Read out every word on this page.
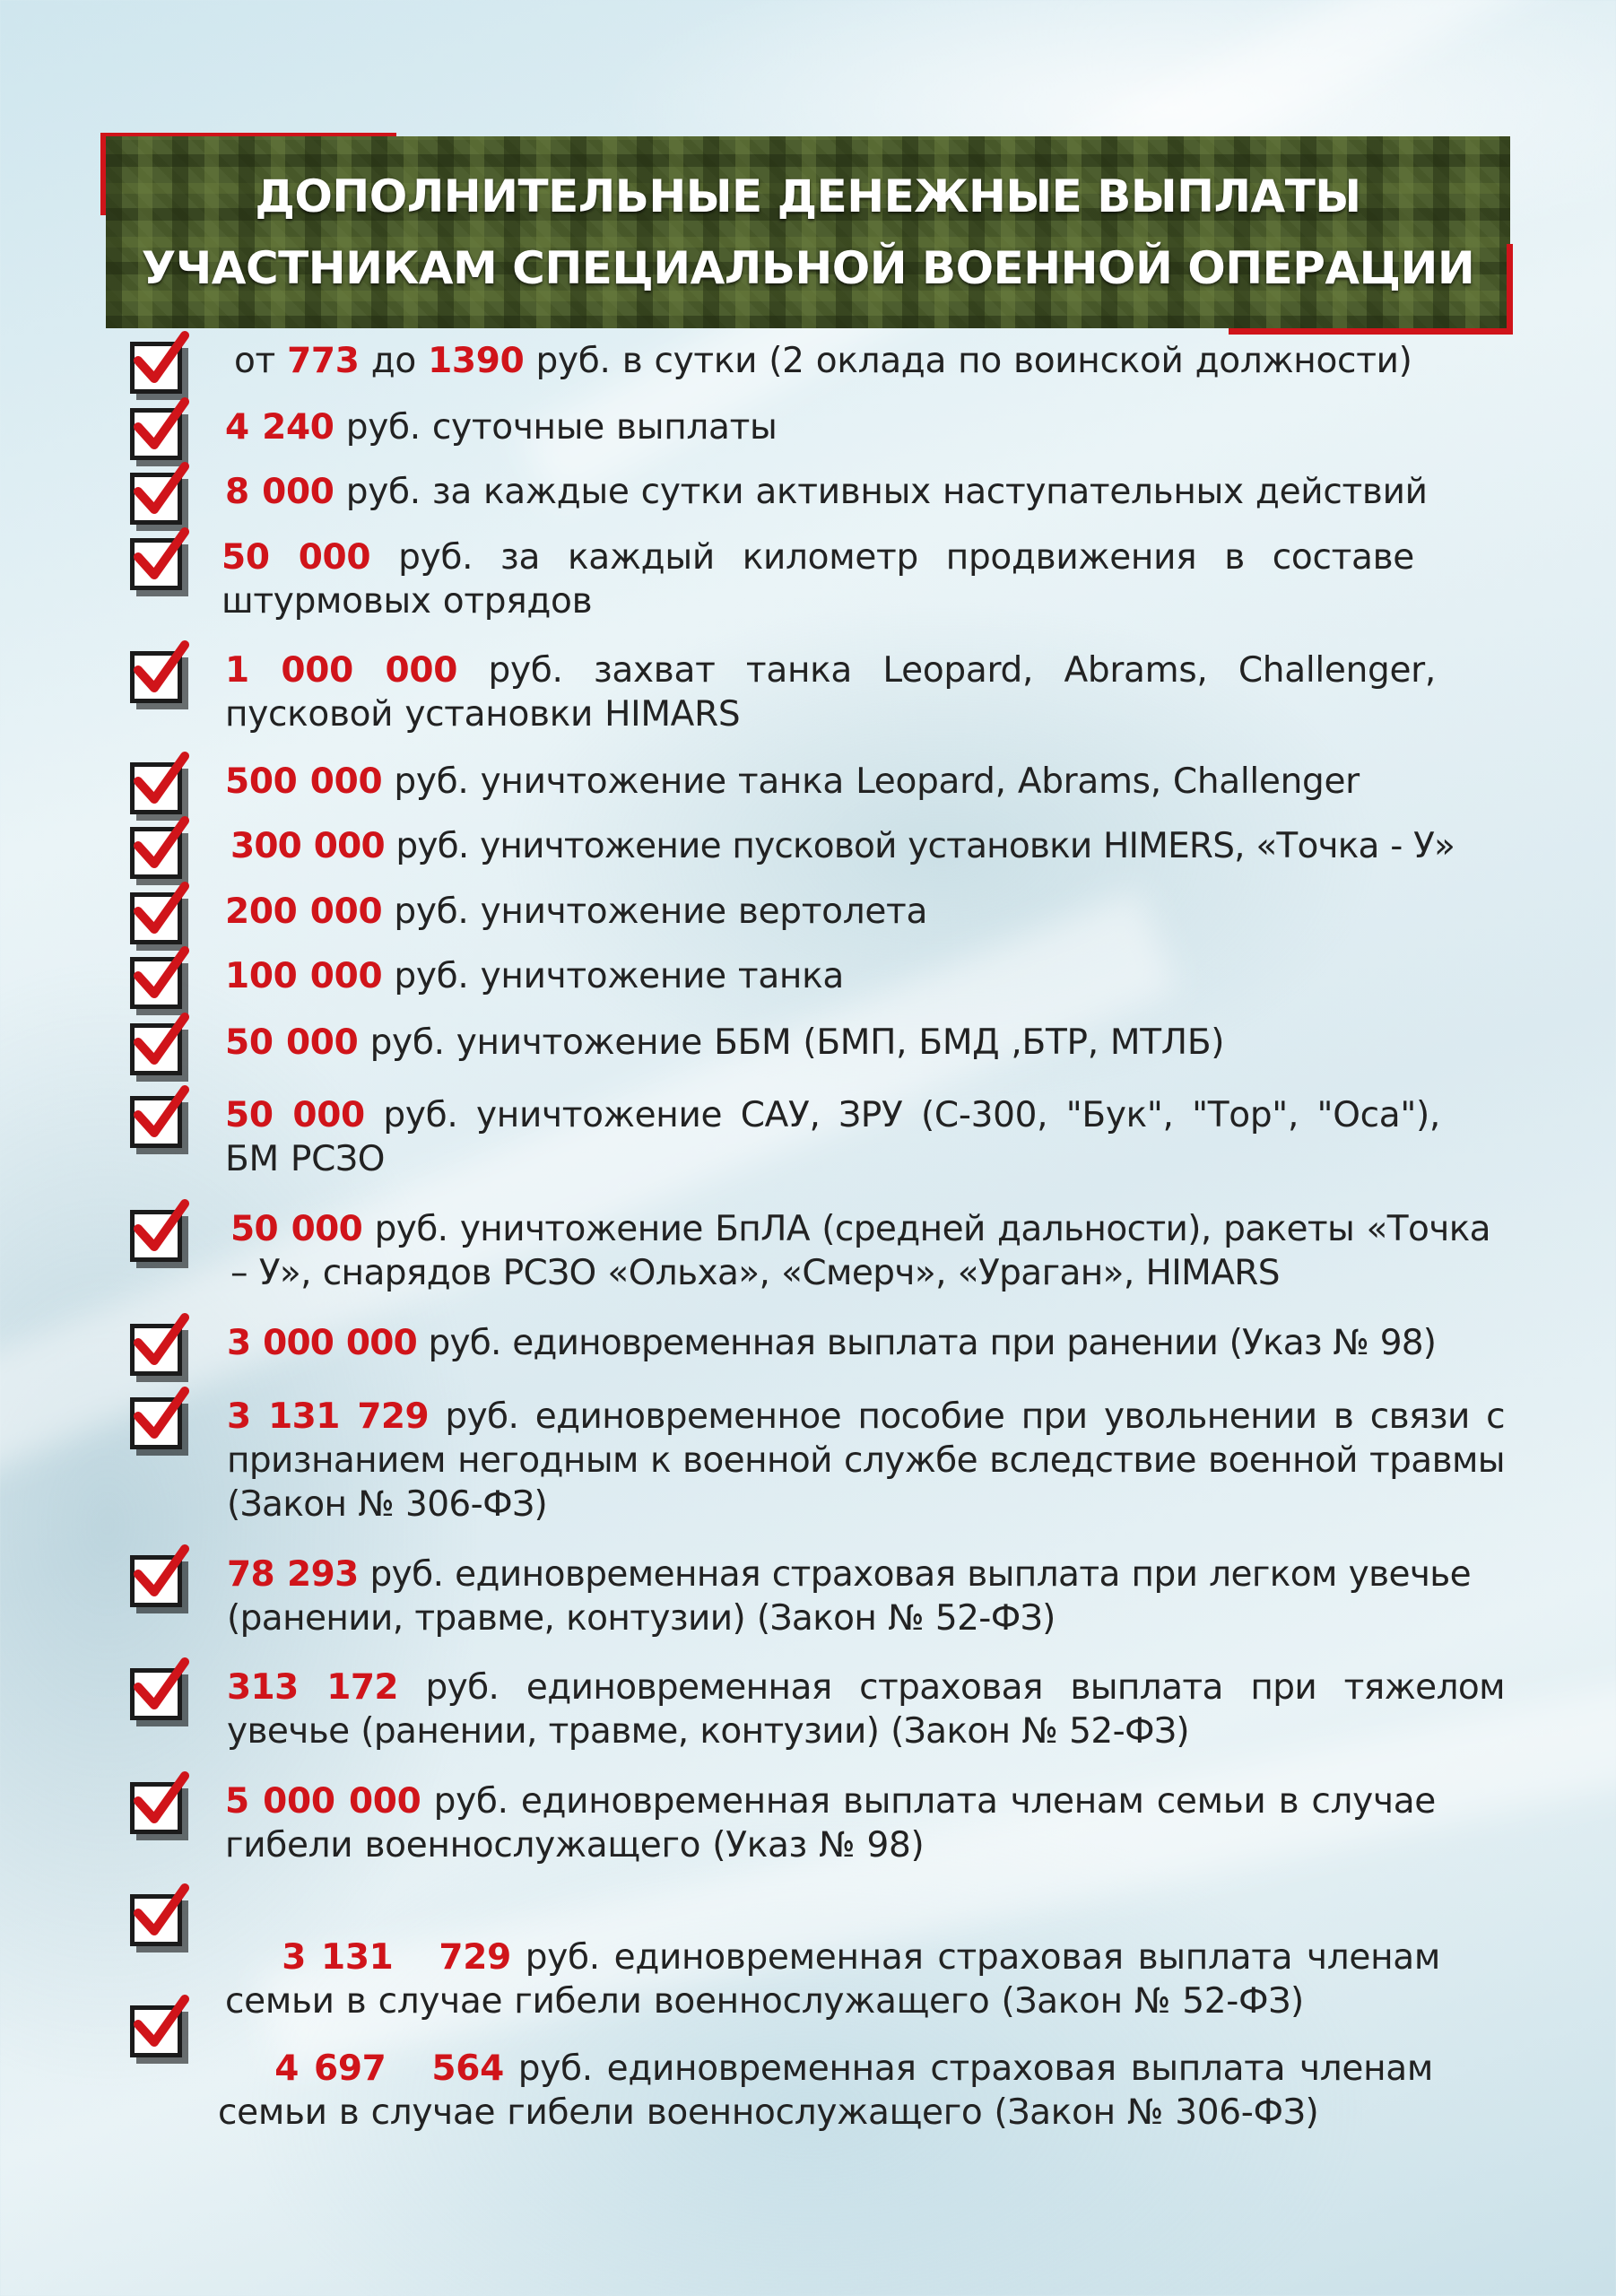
ДОПОЛНИТЕЛЬНЫЕ ДЕНЕЖНЫЕ ВЫПЛАТЫ
УЧАСТНИКАМ СПЕЦИАЛЬНОЙ ВОЕННОЙ ОПЕРАЦИИ
от 773 до 1390 руб. в сутки (2 оклада по воинской должности)
4 240 руб. суточные выплаты
8 000 руб. за каждые сутки активных наступательных действий
50 000 руб. за каждый километр продвижения в составе штурмовых отрядов
1 000 000 руб. захват танка Leopard, Abrams, Challenger, пусковой установки HIMARS
500 000 руб. уничтожение танка Leopard, Abrams, Challenger
300 000 руб. уничтожение пусковой установки HIMERS, «Точка - У»
200 000 руб. уничтожение вертолета
100 000 руб. уничтожение танка
50 000 руб. уничтожение ББМ (БМП, БМД ,БТР, МТЛБ)
50 000 руб. уничтожение САУ, ЗРУ (С-300, "Бук", "Тор", "Оса"), БМ РСЗО
50 000 руб. уничтожение БпЛА (средней дальности), ракеты «Точка – У», снарядов РСЗО «Ольха», «Смерч», «Ураган», HIMARS
3 000 000 руб. единовременная выплата при ранении (Указ № 98)
3 131 729 руб. единовременное пособие при увольнении в связи с признанием негодным к военной службе вследствие военной травмы (Закон № 306-ФЗ)
78 293 руб. единовременная страховая выплата при легком увечье (ранении, травме, контузии) (Закон № 52-ФЗ)
313 172 руб. единовременная страховая выплата при тяжелом увечье (ранении, травме, контузии) (Закон № 52-ФЗ)
5 000 000 руб. единовременная выплата членам семьи в случае гибели военнослужащего (Указ № 98)

3 131   729 руб. единовременная страховая выплата членам семьи в случае гибели военнослужащего (Закон № 52-ФЗ)

4 697   564 руб. единовременная страховая выплата членам семьи в случае гибели военнослужащего (Закон № 306-ФЗ)
